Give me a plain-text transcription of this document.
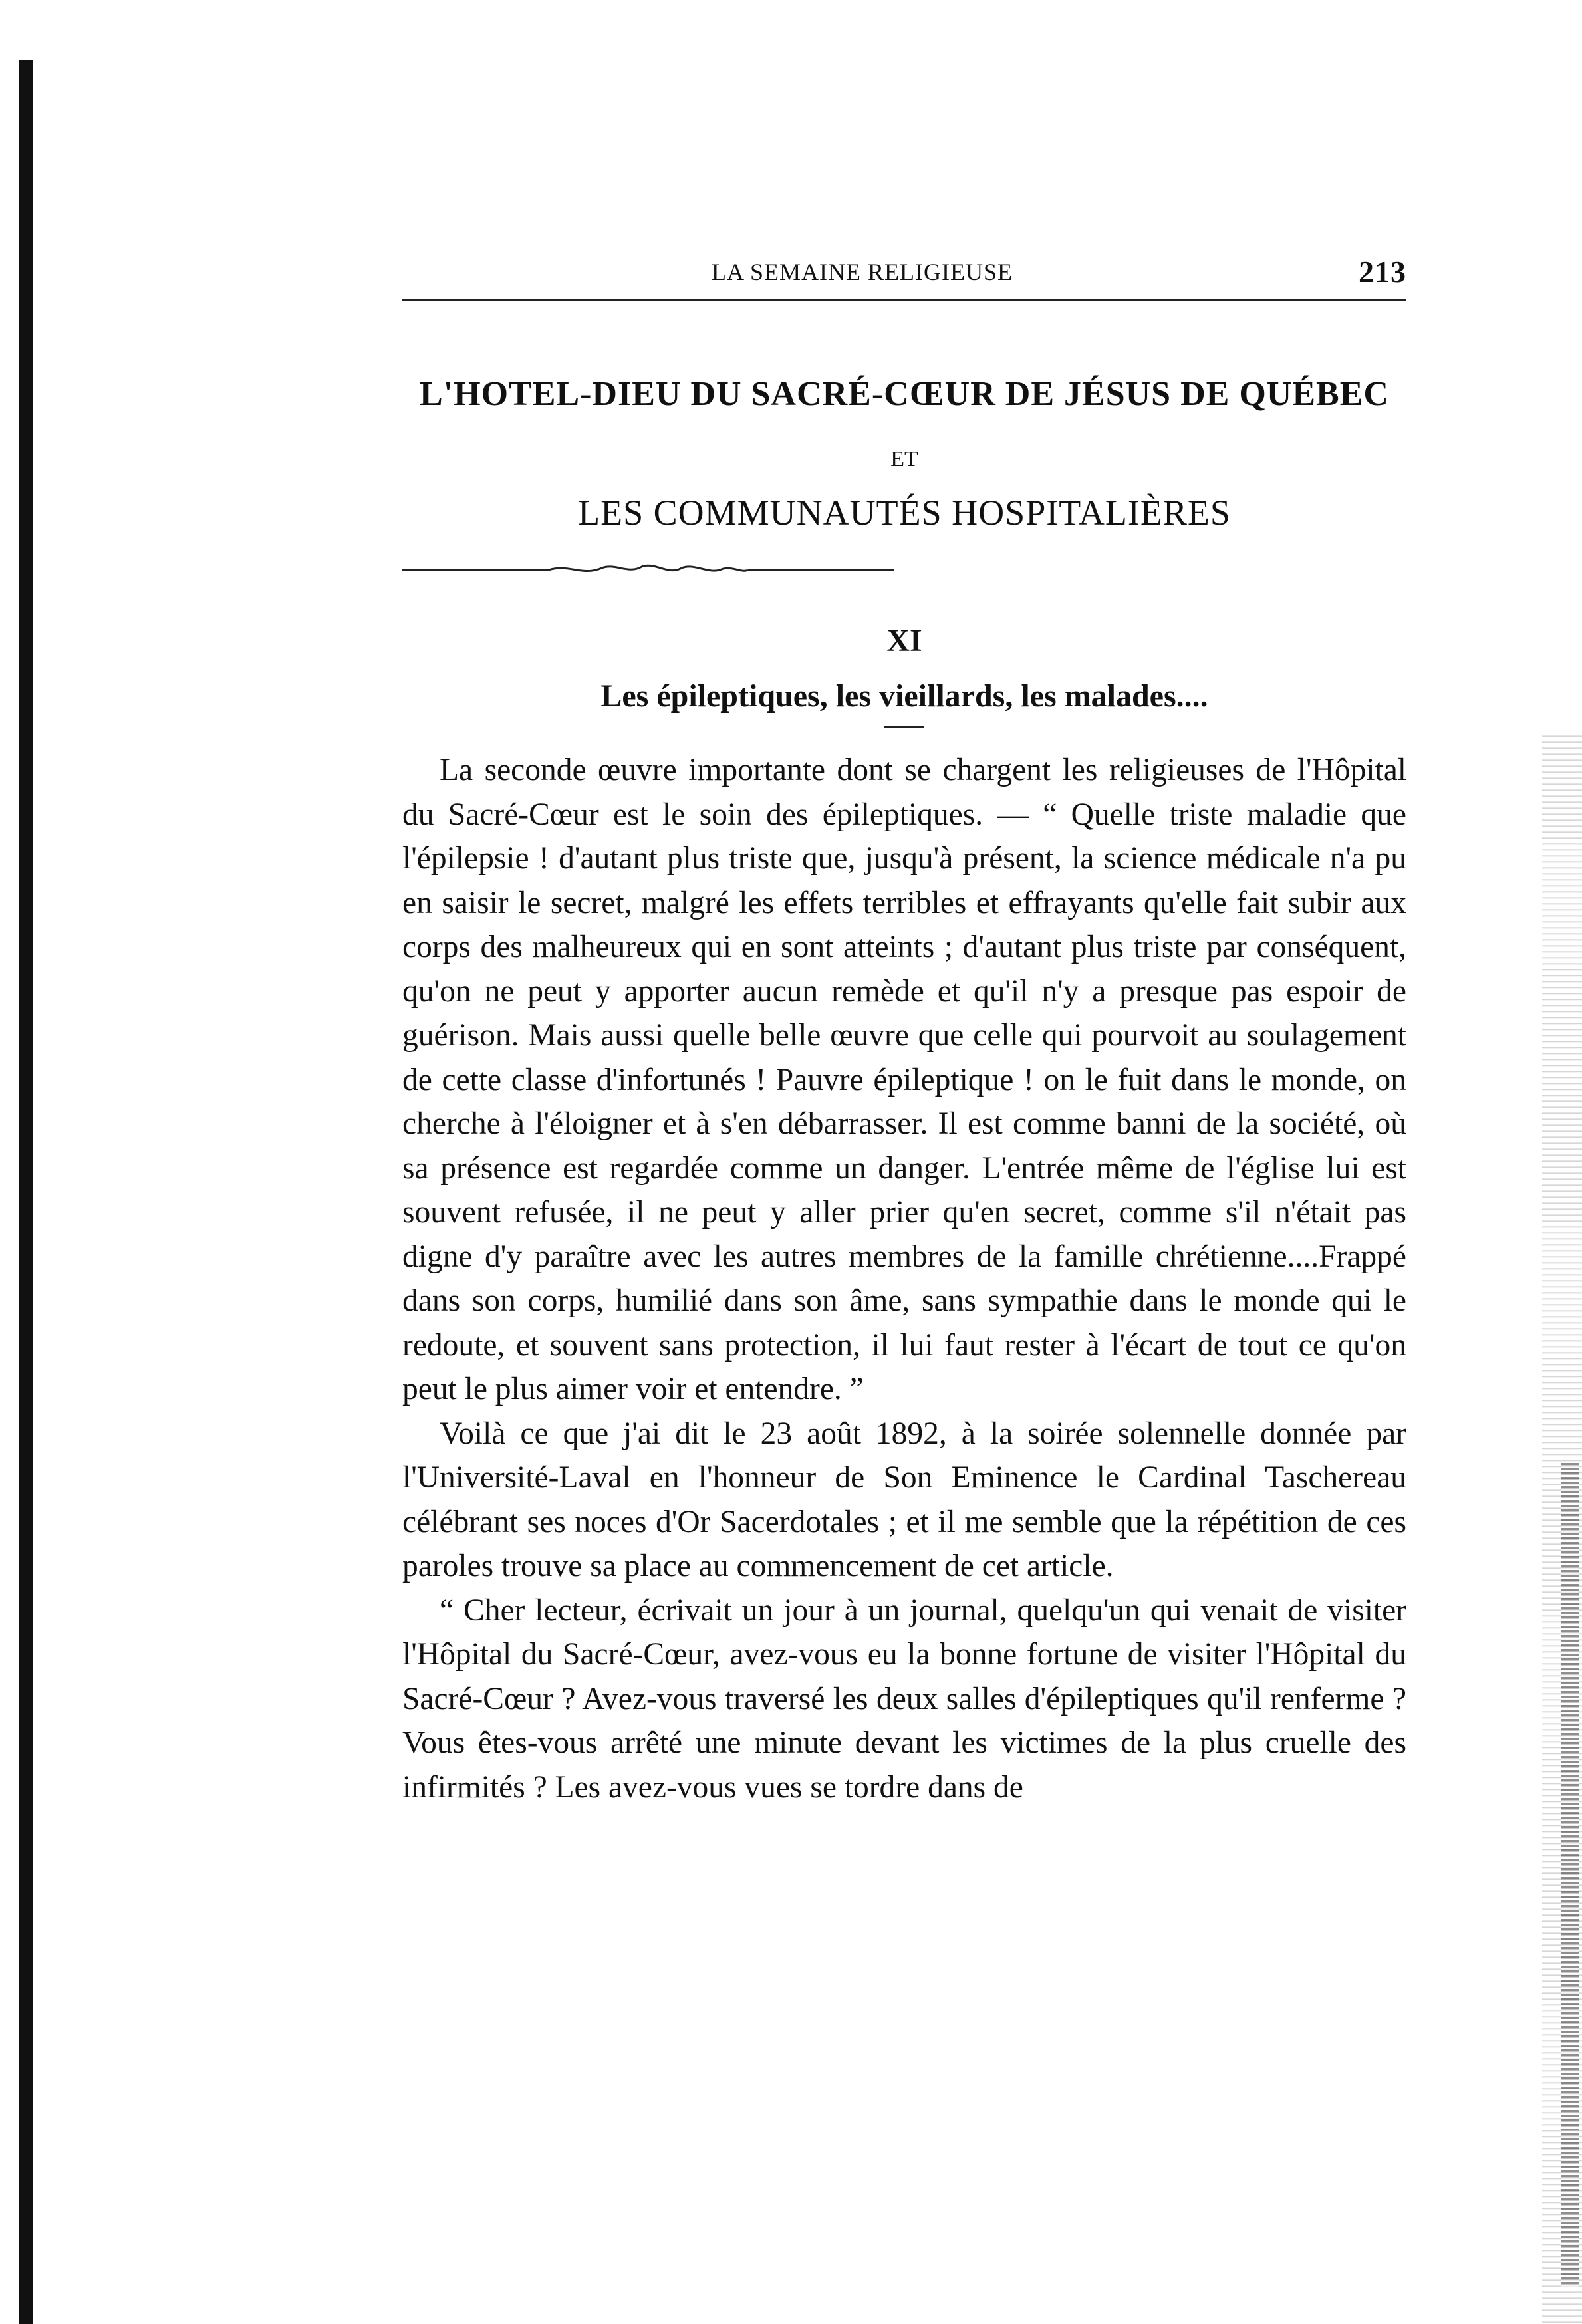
LA SEMAINE RELIGIEUSE	213
L'HOTEL-DIEU DU SACRÉ-CŒUR DE JÉSUS DE QUÉBEC
ET
LES COMMUNAUTÉS HOSPITALIÈRES
XI
Les épileptiques, les vieillards, les malades....

La seconde œuvre importante dont se chargent les religieuses de l'Hôpital du Sacré-Cœur est le soin des épileptiques. — “ Quelle triste maladie que l'épilepsie ! d'autant plus triste que, jusqu'à présent, la science médicale n'a pu en saisir le secret, malgré les effets terribles et effrayants qu'elle fait subir aux corps des malheureux qui en sont atteints ; d'autant plus triste par conséquent, qu'on ne peut y apporter aucun remède et qu'il n'y a presque pas espoir de guérison. Mais aussi quelle belle œuvre que celle qui pourvoit au soulagement de cette classe d'infortunés ! Pauvre épileptique ! on le fuit dans le monde, on cherche à l'éloigner et à s'en débarrasser. Il est comme banni de la société, où sa présence est regardée comme un danger. L'entrée même de l'église lui est souvent refusée, il ne peut y aller prier qu'en secret, comme s'il n'était pas digne d'y paraître avec les autres membres de la famille chrétienne....Frappé dans son corps, humilié dans son âme, sans sympathie dans le monde qui le redoute, et souvent sans protection, il lui faut rester à l'écart de tout ce qu'on peut le plus aimer voir et entendre. ”

Voilà ce que j'ai dit le 23 août 1892, à la soirée solennelle donnée par l'Université-Laval en l'honneur de Son Eminence le Cardinal Taschereau célébrant ses noces d'Or Sacerdotales ; et il me semble que la répétition de ces paroles trouve sa place au commencement de cet article.

“ Cher lecteur, écrivait un jour à un journal, quelqu'un qui venait de visiter l'Hôpital du Sacré-Cœur, avez-vous eu la bonne fortune de visiter l'Hôpital du Sacré-Cœur ? Avez-vous traversé les deux salles d'épileptiques qu'il renferme ? Vous êtes-vous arrêté une minute devant les victimes de la plus cruelle des infirmités ? Les avez-vous vues se tordre dans de
